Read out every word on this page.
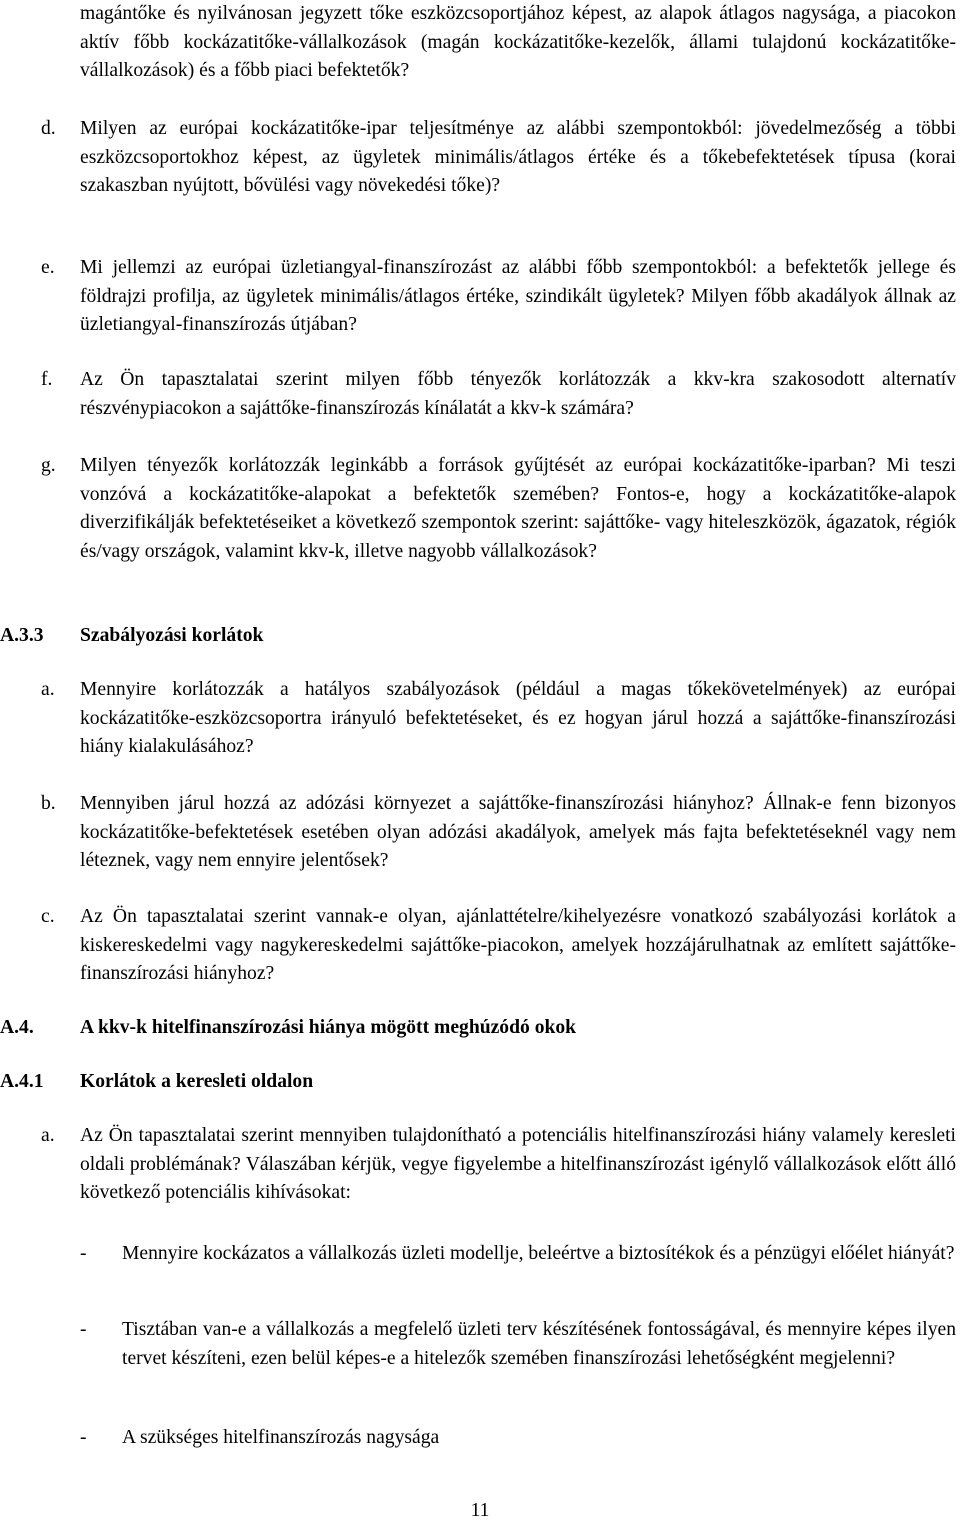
magántőke és nyilvánosan jegyzett tőke eszközcsoportjához képest, az alapok átlagos nagysága, a piacokon aktív főbb kockázatitőke-vállalkozások (magán kockázatitőke-kezelők, állami tulajdonú kockázatitőke-vállalkozások) és a főbb piaci befektetők?

d. Milyen az európai kockázatitőke-ipar teljesítménye az alábbi szempontokból: jövedelmezőség a többi eszközcsoportokhoz képest, az ügyletek minimális/átlagos értéke és a tőkebefektetések típusa (korai szakaszban nyújtott, bővülési vagy növekedési tőke)?

e. Mi jellemzi az európai üzletiangyal-finanszírozást az alábbi főbb szempontokból: a befektetők jellege és földrajzi profilja, az ügyletek minimális/átlagos értéke, szindikált ügyletek? Milyen főbb akadályok állnak az üzletiangyal-finanszírozás útjában?

f. Az Ön tapasztalatai szerint milyen főbb tényezők korlátozzák a kkv-kra szakosodott alternatív részvénypiacokon a sajáttőke-finanszírozás kínálatát a kkv-k számára?

g. Milyen tényezők korlátozzák leginkább a források gyűjtését az európai kockázatitőke-iparban? Mi teszi vonzóvá a kockázatitőke-alapokat a befektetők szemében? Fontos-e, hogy a kockázatitőke-alapok diverzifikálják befektetéseiket a következő szempontok szerint: sajáttőke- vagy hiteleszközök, ágazatok, régiók és/vagy országok, valamint kkv-k, illetve nagyobb vállalkozások?

A.3.3 Szabályozási korlátok
a. Mennyire korlátozzák a hatályos szabályozások (például a magas tőkekövetelmények) az európai kockázatitőke-eszközcsoportra irányuló befektetéseket, és ez hogyan járul hozzá a sajáttőke-finanszírozási hiány kialakulásához?

b. Mennyiben járul hozzá az adózási környezet a sajáttőke-finanszírozási hiányhoz? Állnak-e fenn bizonyos kockázatitőke-befektetések esetében olyan adózási akadályok, amelyek más fajta befektetéseknél vagy nem léteznek, vagy nem ennyire jelentősek?

c. Az Ön tapasztalatai szerint vannak-e olyan, ajánlattételre/kihelyezésre vonatkozó szabályozási korlátok a kiskereskedelmi vagy nagykereskedelmi sajáttőke-piacokon, amelyek hozzájárulhatnak az említett sajáttőke-finanszírozási hiányhoz?

A.4. A kkv-k hitelfinanszírozási hiánya mögött meghúzódó okok
A.4.1 Korlátok a keresleti oldalon
a. Az Ön tapasztalatai szerint mennyiben tulajdonítható a potenciális hitelfinanszírozási hiány valamely keresleti oldali problémának? Válaszában kérjük, vegye figyelembe a hitelfinanszírozást igénylő vállalkozások előtt álló következő potenciális kihívásokat:

- Mennyire kockázatos a vállalkozás üzleti modellje, beleértve a biztosítékok és a pénzügyi előélet hiányát?

- Tisztában van-e a vállalkozás a megfelelő üzleti terv készítésének fontosságával, és mennyire képes ilyen tervet készíteni, ezen belül képes-e a hitelezők szemében finanszírozási lehetőségként megjelenni?

- A szükséges hitelfinanszírozás nagysága

11
